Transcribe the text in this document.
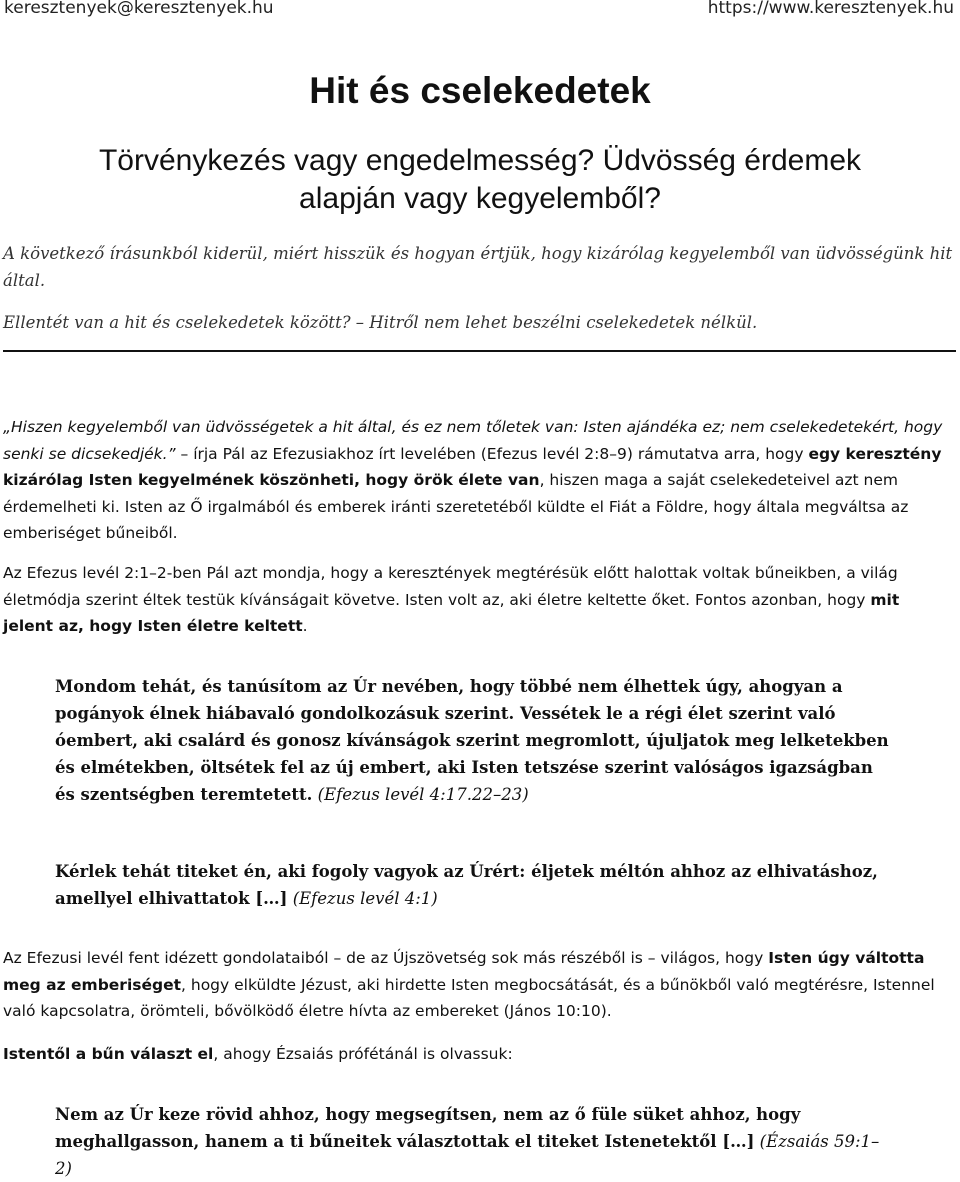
keresztenyek@keresztenyek.hu	https://www.keresztenyek.hu
Hit és cselekedetek
Törvénykezés vagy engedelmesség? Üdvösség érdemek alapján vagy kegyelemből?

A következő írásunkból kiderül, miért hisszük és hogyan értjük, hogy kizárólag kegyelemből van üdvösségünk hit által.

Ellentét van a hit és cselekedetek között? – Hitről nem lehet beszélni cselekedetek nélkül.

„Hiszen kegyelemből van üdvösségetek a hit által, és ez nem tőletek van: Isten ajándéka ez; nem cselekedetekért, hogy senki se dicsekedjék.” – írja Pál az Efezusiakhoz írt levelében (Efezus levél 2:8–9) rámutatva arra, hogy egy keresztény kizárólag Isten kegyelmének köszönheti, hogy örök élete van, hiszen maga a saját cselekedeteivel azt nem érdemelheti ki. Isten az Ő irgalmából és emberek iránti szeretetéből küldte el Fiát a Földre, hogy általa megváltsa az emberiséget bűneiből.

Az Efezus levél 2:1–2-ben Pál azt mondja, hogy a keresztények megtérésük előtt halottak voltak bűneikben, a világ életmódja szerint éltek testük kívánságait követve. Isten volt az, aki életre keltette őket. Fontos azonban, hogy mit jelent az, hogy Isten életre keltett.

Mondom tehát, és tanúsítom az Úr nevében, hogy többé nem élhettek úgy, ahogyan a pogányok élnek hiábavaló gondolkozásuk szerint. Vessétek le a régi élet szerint való óembert, aki csalárd és gonosz kívánságok szerint megromlott, újuljatok meg lelketekben és elmétekben, öltsétek fel az új embert, aki Isten tetszése szerint valóságos igazságban és szentségben teremtetett. (Efezus levél 4:17.22–23)

Kérlek tehát titeket én, aki fogoly vagyok az Úrért: éljetek méltón ahhoz az elhivatáshoz, amellyel elhivattatok […] (Efezus levél 4:1)

Az Efezusi levél fent idézett gondolataiból – de az Újszövetség sok más részéből is – világos, hogy Isten úgy váltotta meg az emberiséget, hogy elküldte Jézust, aki hirdette Isten megbocsátását, és a bűnökből való megtérésre, Istennel való kapcsolatra, örömteli, bővölködő életre hívta az embereket (János 10:10).

Istentől a bűn választ el, ahogy Ézsaiás prófétánál is olvassuk:

Nem az Úr keze rövid ahhoz, hogy megsegítsen, nem az ő füle süket ahhoz, hogy meghallgasson, hanem a ti bűneitek választottak el titeket Istenetektől […] (Ézsaiás 59:1–2)
